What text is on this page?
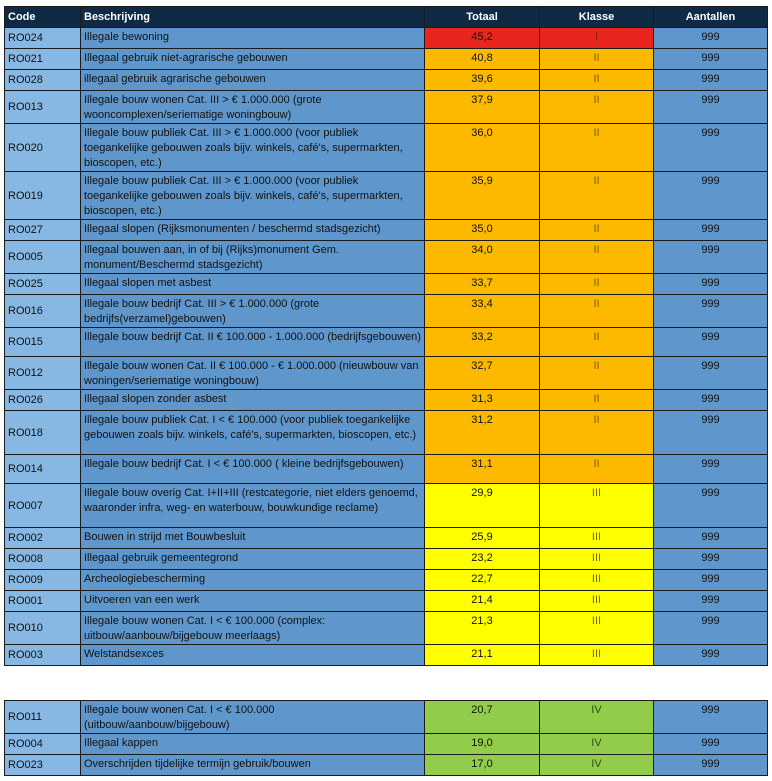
Code	Beschrijving	Totaal	Klasse	Aantallen
RO024	Illegale bewoning	45,2	I	999
RO021	Illegaal gebruik niet-agrarische gebouwen	40,8	II	999
RO028	illegaal gebruik agrarische gebouwen	39,6	II	999
RO013	Illegale bouw wonen Cat. III > € 1.000.000 (grote wooncomplexen/seriematige woningbouw)	37,9	II	999
RO020	Illegale bouw publiek Cat. III > € 1.000.000 (voor publiek toegankelijke gebouwen zoals bijv. winkels, café's, supermarkten, bioscopen, etc.)	36,0	II	999
RO019	Illegale bouw publiek Cat. III > € 1.000.000 (voor publiek toegankelijke gebouwen zoals bijv. winkels, café's, supermarkten, bioscopen, etc.)	35,9	II	999
RO027	Illegaal slopen (Rijksmonumenten / beschermd stadsgezicht)	35,0	II	999
RO005	Illegaal bouwen aan, in of bij (Rijks)monument Gem. monument/Beschermd stadsgezicht)	34,0	II	999
RO025	Illegaal slopen met asbest	33,7	II	999
RO016	Illegale bouw bedrijf Cat. III > € 1.000.000 (grote bedrijfs(verzamel)gebouwen)	33,4	II	999
RO015	Illegale bouw bedrijf Cat. II € 100.000 - 1.000.000 (bedrijfsgebouwen)	33,2	II	999
RO012	Illegale bouw wonen Cat. II € 100.000 - € 1.000.000 (nieuwbouw van woningen/seriematige woningbouw)	32,7	II	999
RO026	Illegaal slopen zonder asbest	31,3	II	999
RO018	Illegale bouw publiek Cat. I < € 100.000 (voor publiek toegankelijke gebouwen zoals bijv. winkels, café's, supermarkten, bioscopen, etc.)	31,2	II	999
RO014	Illegale bouw bedrijf Cat. I < € 100.000 ( kleine bedrijfsgebouwen)	31,1	II	999
RO007	Illegale bouw overig Cat. I+II+III (restcategorie, niet elders genoemd, waaronder infra, weg- en waterbouw, bouwkundige reclame)	29,9	III	999
RO002	Bouwen in strijd met Bouwbesluit	25,9	III	999
RO008	Illegaal gebruik gemeentegrond	23,2	III	999
RO009	Archeologiebescherming	22,7	III	999
RO001	Uitvoeren van een werk	21,4	III	999
RO010	Illegale bouw wonen Cat. I < € 100.000 (complex: uitbouw/aanbouw/bijgebouw meerlaags)	21,3	III	999
RO003	Welstandsexces	21,1	III	999
RO011	Illegale bouw wonen Cat. I < € 100.000 (uitbouw/aanbouw/bijgebouw)	20,7	IV	999
RO004	Illegaal kappen	19,0	IV	999
RO023	Overschrijden tijdelijke termijn gebruik/bouwen	17,0	IV	999
